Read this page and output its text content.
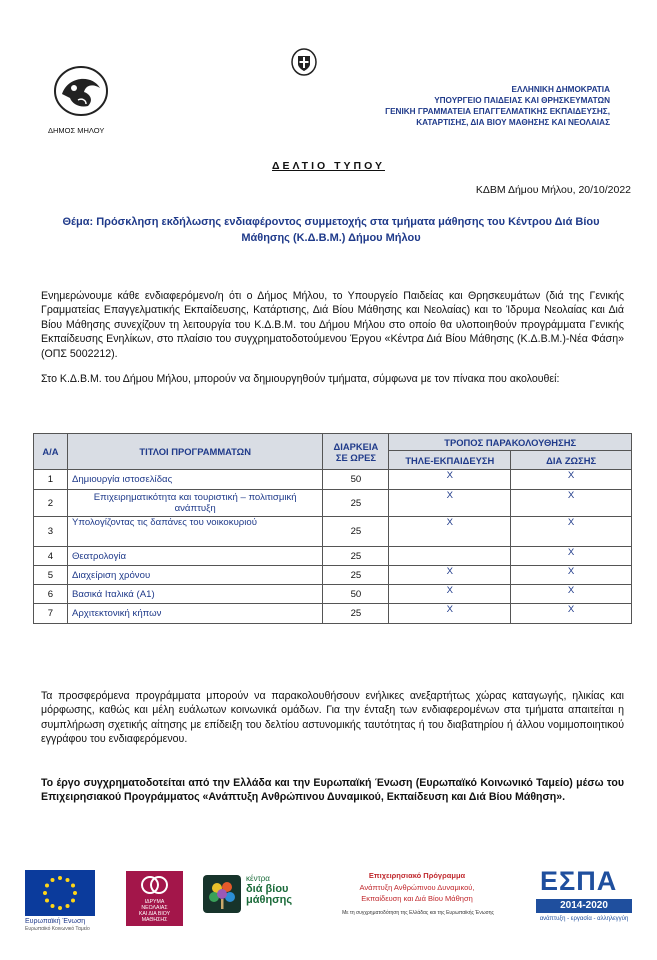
ΔΗΜΟΣ ΜΗΛΟΥ
ΕΛΛΗΝΙΚΗ ΔΗΜΟΚΡΑΤΙΑ
ΥΠΟΥΡΓΕΙΟ ΠΑΙΔΕΙΑΣ ΚΑΙ ΘΡΗΣΚΕΥΜΑΤΩΝ
ΓΕΝΙΚΗ ΓΡΑΜΜΑΤΕΙΑ ΕΠΑΓΓΕΛΜΑΤΙΚΗΣ ΕΚΠΑΙΔΕΥΣΗΣ,
ΚΑΤΑΡΤΙΣΗΣ, ΔΙΑ ΒΙΟΥ ΜΑΘΗΣΗΣ ΚΑΙ ΝΕΟΛΑΙΑΣ
ΔΕΛΤΙΟ ΤΥΠΟΥ
ΚΔΒΜ Δήμου Μήλου, 20/10/2022
Θέμα: Πρόσκληση εκδήλωσης ενδιαφέροντος συμμετοχής στα τμήματα μάθησης του Κέντρου Διά Βίου Μάθησης (Κ.Δ.Β.Μ.) Δήμου Μήλου
Ενημερώνουμε κάθε ενδιαφερόμενο/η ότι ο Δήμος Μήλου, το Υπουργείο Παιδείας και Θρησκευμάτων (διά της Γενικής Γραμματείας Επαγγελματικής Εκπαίδευσης, Κατάρτισης, Διά Βίου Μάθησης και Νεολαίας) και το Ίδρυμα Νεολαίας και Διά Βίου Μάθησης συνεχίζουν τη λειτουργία του Κ.Δ.Β.Μ. του Δήμου Μήλου στο οποίο θα υλοποιηθούν προγράμματα Γενικής Εκπαίδευσης Ενηλίκων, στο πλαίσιο του συγχρηματοδοτούμενου Έργου «Κέντρα Διά Βίου Μάθησης (Κ.Δ.Β.Μ.)-Νέα Φάση» (ΟΠΣ 5002212).
Στο Κ.Δ.Β.Μ. του Δήμου Μήλου, μπορούν να δημιουργηθούν τμήματα, σύμφωνα με τον πίνακα που ακολουθεί:
Α/Α	ΤΙΤΛΟΙ ΠΡΟΓΡΑΜΜΑΤΩΝ	ΔΙΑΡΚΕΙΑ ΣΕ ΩΡΕΣ	ΤΡΟΠΟΣ ΠΑΡΑΚΟΛΟΥΘΗΣΗΣ	
			ΤΗΛΕ-ΕΚΠΑΙΔΕΥΣΗ	ΔΙΑ ΖΩΣΗΣ
1	Δημιουργία ιστοσελίδας	50	X	X
2	Επιχειρηματικότητα και τουριστική – πολιτισμική ανάπτυξη	25	X	X
3	Υπολογίζοντας τις δαπάνες του νοικοκυριού	25	X	X
4	Θεατρολογία	25		X
5	Διαχείριση χρόνου	25	X	X
6	Βασικά Ιταλικά (Α1)	50	X	X
7	Αρχιτεκτονική κήπων	25	X	X
Τα προσφερόμενα προγράμματα μπορούν να παρακολουθήσουν ενήλικες ανεξαρτήτως χώρας καταγωγής, ηλικίας και μόρφωσης, καθώς και μέλη ευάλωτων κοινωνικά ομάδων. Για την ένταξη των ενδιαφερομένων στα τμήματα απαιτείται η συμπλήρωση σχετικής αίτησης με επίδειξη του δελτίου αστυνομικής ταυτότητας ή του διαβατηρίου ή άλλου νομιμοποιητικού εγγράφου του ενδιαφερόμενου.
Το έργο συγχρηματοδοτείται από την Ελλάδα και την Ευρωπαϊκή Ένωση (Ευρωπαϊκό Κοινωνικό Ταμείο) μέσω του Επιχειρησιακού Προγράμματος «Ανάπτυξη Ανθρώπινου Δυναμικού, Εκπαίδευση και Διά Βίου Μάθηση».
Ευρωπαϊκή Ένωση
Ευρωπαϊκό Κοινωνικό Ταμείο
ΙΔΡΥΜΑ
ΝΕΟΛΑΙΑΣ
ΚΑΙ ΔΙΑ ΒΙΟΥ
ΜΑΘΗΣΗΣ
κέντρα
διά βίου
μάθησης
Επιχειρησιακό Πρόγραμμα
Ανάπτυξη Ανθρώπινου Δυναμικού,
Εκπαίδευση και Διά Βίου Μάθηση
Με τη συγχρηματοδότηση της Ελλάδας και της Ευρωπαϊκής Ένωσης
ΕΣΠΑ
2014-2020
ανάπτυξη - εργασία - αλληλεγγύη
